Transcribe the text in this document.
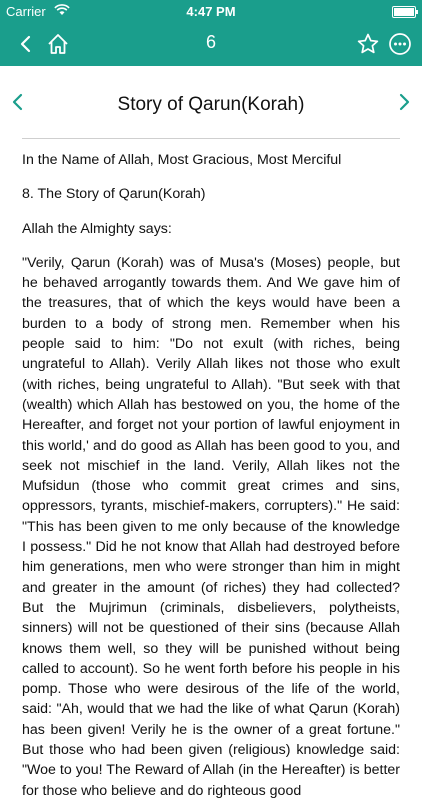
Carrier	4:47 PM
6
Story of Qarun(Korah)

In the Name of Allah, Most Gracious, Most Merciful

8. The Story of Qarun(Korah)

Allah the Almighty says:

"Verily, Qarun (Korah) was of Musa's (Moses) people, but he behaved arrogantly towards them. And We gave him of the treasures, that of which the keys would have been a burden to a body of strong men. Remember when his people said to him: "Do not exult (with riches, being ungrateful to Allah). Verily Allah likes not those who exult (with riches, being ungrateful to Allah). "But seek with that (wealth) which Allah has bestowed on you, the home of the Hereafter, and forget not your portion of lawful enjoyment in this world,' and do good as Allah has been good to you, and seek not mischief in the land. Verily, Allah likes not the Mufsidun (those who commit great crimes and sins, oppressors, tyrants, mischief-makers, corrupters)." He said: "This has been given to me only because of the knowledge I possess." Did he not know that Allah had destroyed before him generations, men who were stronger than him in might and greater in the amount (of riches) they had collected? But the Mujrimun (criminals, disbelievers, polytheists, sinners) will not be questioned of their sins (because Allah knows them well, so they will be punished without being called to account). So he went forth before his people in his pomp. Those who were desirous of the life of the world, said: "Ah, would that we had the like of what Qarun (Korah) has been given! Verily he is the owner of a great fortune." But those who had been given (religious) knowledge said: "Woe to you! The Reward of Allah (in the Hereafter) is better for those who believe and do righteous good
